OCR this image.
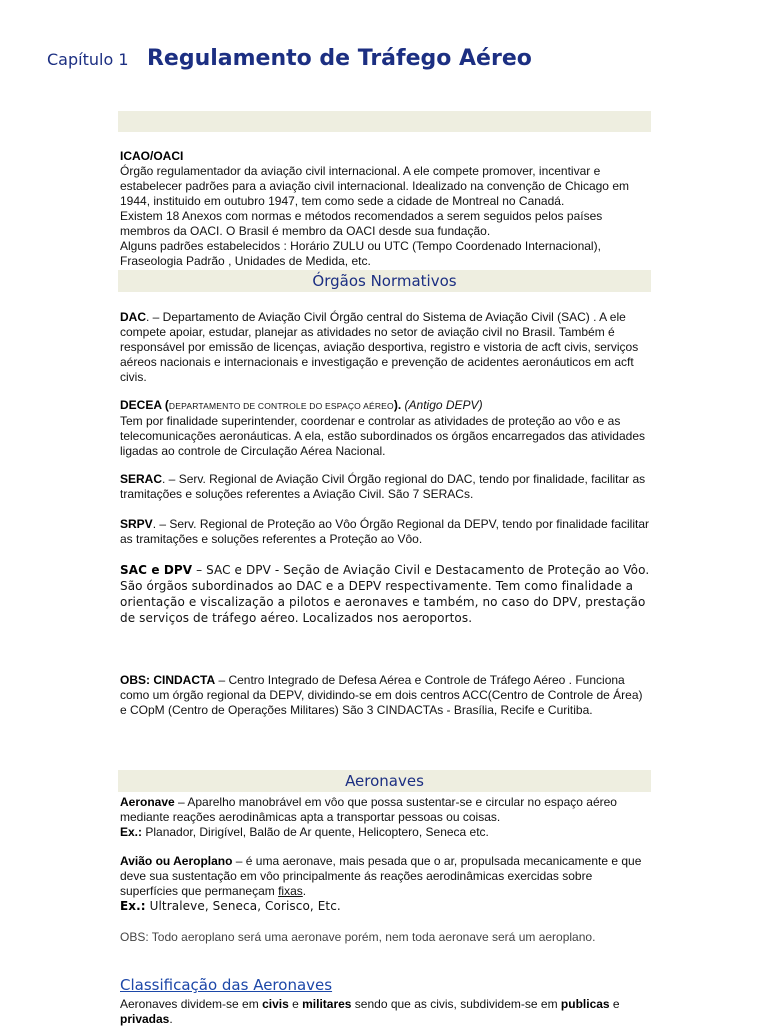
Capítulo 1 Regulamento de Tráfego Aéreo

ICAO/OACI

Órgão regulamentador da aviação civil internacional. A ele compete promover, incentivar e estabelecer padrões para a aviação civil internacional. Idealizado na convenção de Chicago em 1944, instituido em outubro 1947, tem como sede a cidade de Montreal no Canadá.

Existem 18 Anexos com normas e métodos recomendados a serem seguidos pelos países membros da OACI. O Brasil é membro da OACI desde sua fundação.

Alguns padrões estabelecidos : Horário ZULU ou UTC (Tempo Coordenado Internacional), Fraseologia Padrão , Unidades de Medida, etc.

Órgãos Normativos

DAC. – Departamento de Aviação Civil Órgão central do Sistema de Aviação Civil (SAC) . A ele compete apoiar, estudar, planejar as atividades no setor de aviação civil no Brasil. Também é responsável por emissão de licenças, aviação desportiva, registro e vistoria de acft civis, serviços aéreos nacionais e internacionais e investigação e prevenção de acidentes aeronáuticos em acft civis.

DECEA (DEPARTAMENTO DE CONTROLE DO ESPAÇO AÉREO). (Antigo DEPV)

Tem por finalidade superintender, coordenar e controlar as atividades de proteção ao vôo e as telecomunicações aeronáuticas. A ela, estão subordinados os órgãos encarregados das atividades ligadas ao controle de Circulação Aérea Nacional.

SERAC. – Serv. Regional de Aviação Civil Órgão regional do DAC, tendo por finalidade, facilitar as tramitações e soluções referentes a Aviação Civil. São 7 SERACs.

SRPV. – Serv. Regional de Proteção ao Vôo Órgão Regional da DEPV, tendo por finalidade facilitar as tramitações e soluções referentes a Proteção ao Vôo.

SAC e DPV – SAC e DPV - Seção de Aviação Civil e Destacamento de Proteção ao Vôo.

São órgãos subordinados ao DAC e a DEPV respectivamente. Tem como finalidade a orientação e viscalização a pilotos e aeronaves e também, no caso do DPV, prestação de serviços de tráfego aéreo. Localizados nos aeroportos.

OBS: CINDACTA – Centro Integrado de Defesa Aérea e Controle de Tráfego Aéreo . Funciona como um órgão regional da DEPV, dividindo-se em dois centros ACC(Centro de Controle de Área) e COpM (Centro de Operações Militares) São 3 CINDACTAs - Brasília, Recife e Curitiba.

Aeronaves

Aeronave – Aparelho manobrável em vôo que possa sustentar-se e circular no espaço aéreo mediante reações aerodinâmicas apta a transportar pessoas ou coisas.

Ex.: Planador, Dirigível, Balão de Ar quente, Helicoptero, Seneca etc.

Avião ou Aeroplano – é uma aeronave, mais pesada que o ar, propulsada mecanicamente e que deve sua sustentação em vôo principalmente ás reações aerodinâmicas exercidas sobre superfícies que permaneçam fixas.

Ex.: Ultraleve, Seneca, Corisco, Etc.

OBS: Todo aeroplano será uma aeronave porém, nem toda aeronave será um aeroplano.
Classificação das Aeronaves

Aeronaves dividem-se em civis e militares sendo que as civis, subdividem-se em publicas e privadas.
